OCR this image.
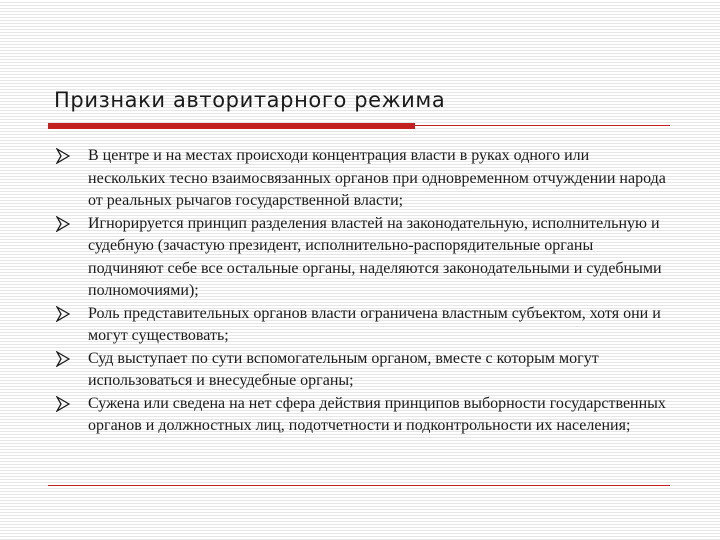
Признаки авторитарного режима
В центре и на местах происходи концентрация власти в руках одного или нескольких тесно взаимосвязанных органов при одновременном отчуждении народа от реальных рычагов государственной власти;
Игнорируется принцип разделения властей на законодательную, исполнительную и судебную (зачастую президент, исполнительно-распорядительные органы подчиняют себе все остальные органы, наделяются законодательными и судебными полномочиями);
Роль представительных органов власти ограничена властным субъектом, хотя они и могут существовать;
Суд выступает по сути вспомогательным органом, вместе с которым могут использоваться и внесудебные органы;
Сужена или сведена на нет сфера действия принципов выборности государственных органов и должностных лиц, подотчетности и подконтрольности их населения;
